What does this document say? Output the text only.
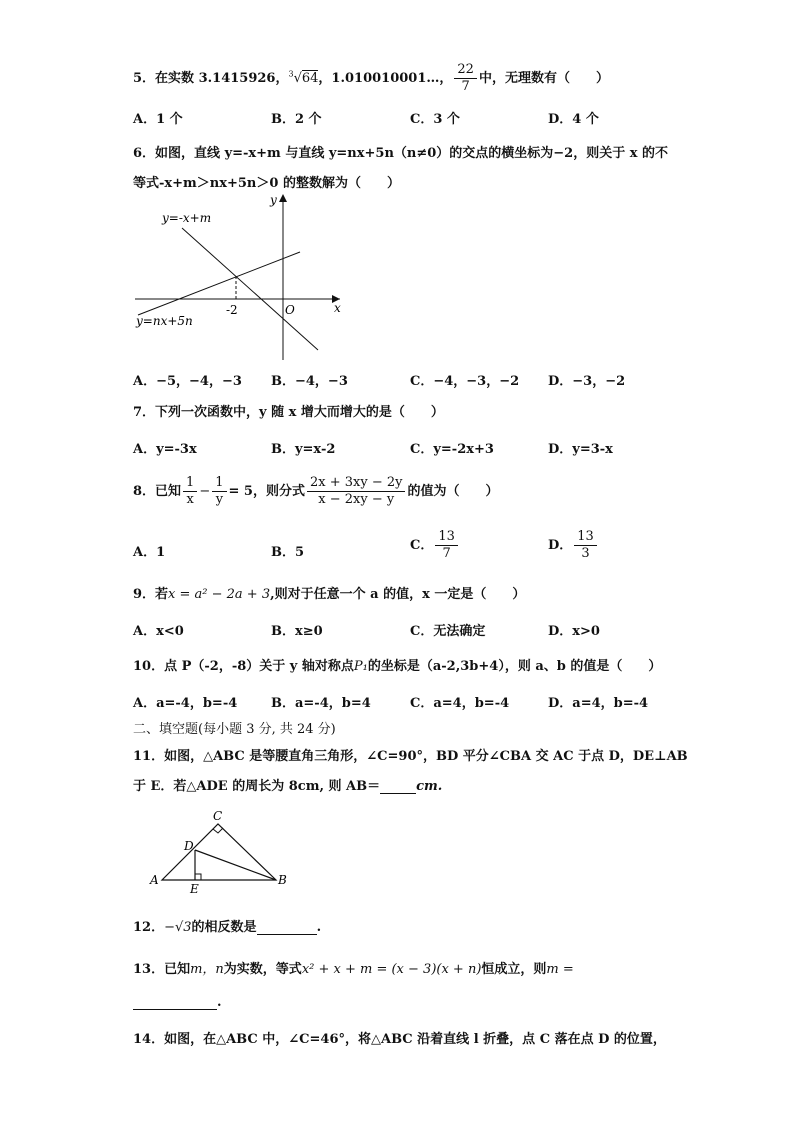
5．在实数 3.1415926，$^3$√64，1.010010001…， $\frac{22}{7}$ 中，无理数有（　　）
A．1 个	B．2 个	C．3 个	D．4 个
6．如图，直线 y=-x+m 与直线 y=nx+5n（n≠0）的交点的横坐标为−2，则关于 x 的不
等式-x+m＞nx+5n＞0 的整数解为（　　）
y=-x+m
y=nx+5n
y
x
O
-2
A．−5，−4，−3 B．−4，−3	C．−4，−3，−2 D．−3，−2
7．下列一次函数中，y 随 x 增大而增大的是（　　）
A．y=-3x	B．y=x-2	C．y=-2x+3	D．y=3-x
8．已知 $\frac{1}{x} - \frac{1}{y} = 5$，则分式 $\frac{2x + 3xy - 2y}{x - 2xy - y}$ 的值为（　　）
A．1	B．5	C． $\frac{13}{7}$	D． $\frac{13}{3}$
9．若x = a² − 2a + 3,则对于任意一个 a 的值，x 一定是（　　）
A．x<0	B．x≥0	C．无法确定	D．x>0
10．点 P（-2，-8）关于 y 轴对称点P₁的坐标是（a-2,3b+4），则 a、b 的值是（　　）
A．a=-4，b=-4	B．a=-4，b=4	C．a=4，b=-4	D．a=4，b=-4
二、填空题(每小题 3 分, 共 24 分)
11．如图，△ABC 是等腰直角三角形，∠C=90°，BD 平分∠CBA 交 AC 于点 D，DE⊥AB
于 E．若△ADE 的周长为 8cm, 则 AB＝	cm.
A	B
C
D
E
12．−√3的相反数是	.
13．已知m，n为实数，等式x² + x + m = (x − 3)(x + n)恒成立，则m =
.
14．如图，在△ABC 中，∠C=46°，将△ABC 沿着直线 l 折叠，点 C 落在点 D 的位置，
